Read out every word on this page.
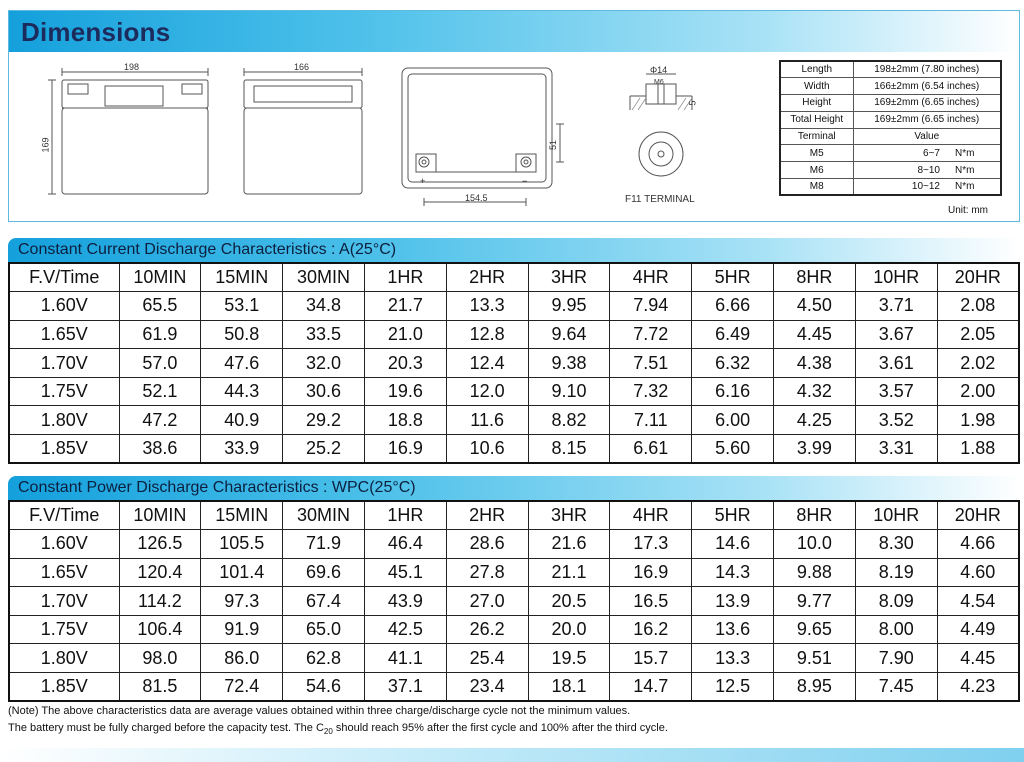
Dimensions
198
169
166
+	−
51
154.5
Φ14
M6
5
F11 TERMINAL
Length	198±2mm (7.80 inches)	
Width	166±2mm (6.54 inches)	
Height	169±2mm (6.65 inches)	
Total Height	169±2mm (6.65 inches)	
Terminal	Value	
M5	6~7	N*m
M6	8~10	N*m
M8	10~12	N*m
Unit: mm
Constant Current Discharge Characteristics : A(25°C)
F.V/Time	10MIN	15MIN	30MIN	1HR	2HR	3HR	4HR	5HR	8HR	10HR	20HR
1.60V	65.5	53.1	34.8	21.7	13.3	9.95	7.94	6.66	4.50	3.71	2.08
1.65V	61.9	50.8	33.5	21.0	12.8	9.64	7.72	6.49	4.45	3.67	2.05
1.70V	57.0	47.6	32.0	20.3	12.4	9.38	7.51	6.32	4.38	3.61	2.02
1.75V	52.1	44.3	30.6	19.6	12.0	9.10	7.32	6.16	4.32	3.57	2.00
1.80V	47.2	40.9	29.2	18.8	11.6	8.82	7.11	6.00	4.25	3.52	1.98
1.85V	38.6	33.9	25.2	16.9	10.6	8.15	6.61	5.60	3.99	3.31	1.88
Constant Power Discharge Characteristics : WPC(25°C)
F.V/Time	10MIN	15MIN	30MIN	1HR	2HR	3HR	4HR	5HR	8HR	10HR	20HR
1.60V	126.5	105.5	71.9	46.4	28.6	21.6	17.3	14.6	10.0	8.30	4.66
1.65V	120.4	101.4	69.6	45.1	27.8	21.1	16.9	14.3	9.88	8.19	4.60
1.70V	114.2	97.3	67.4	43.9	27.0	20.5	16.5	13.9	9.77	8.09	4.54
1.75V	106.4	91.9	65.0	42.5	26.2	20.0	16.2	13.6	9.65	8.00	4.49
1.80V	98.0	86.0	62.8	41.1	25.4	19.5	15.7	13.3	9.51	7.90	4.45
1.85V	81.5	72.4	54.6	37.1	23.4	18.1	14.7	12.5	8.95	7.45	4.23
(Note) The above characteristics data are average values obtained within three charge/discharge cycle not the minimum values.
The battery must be fully charged before the capacity test. The $C_{20}$ should reach 95% after the first cycle and 100% after the third cycle.
